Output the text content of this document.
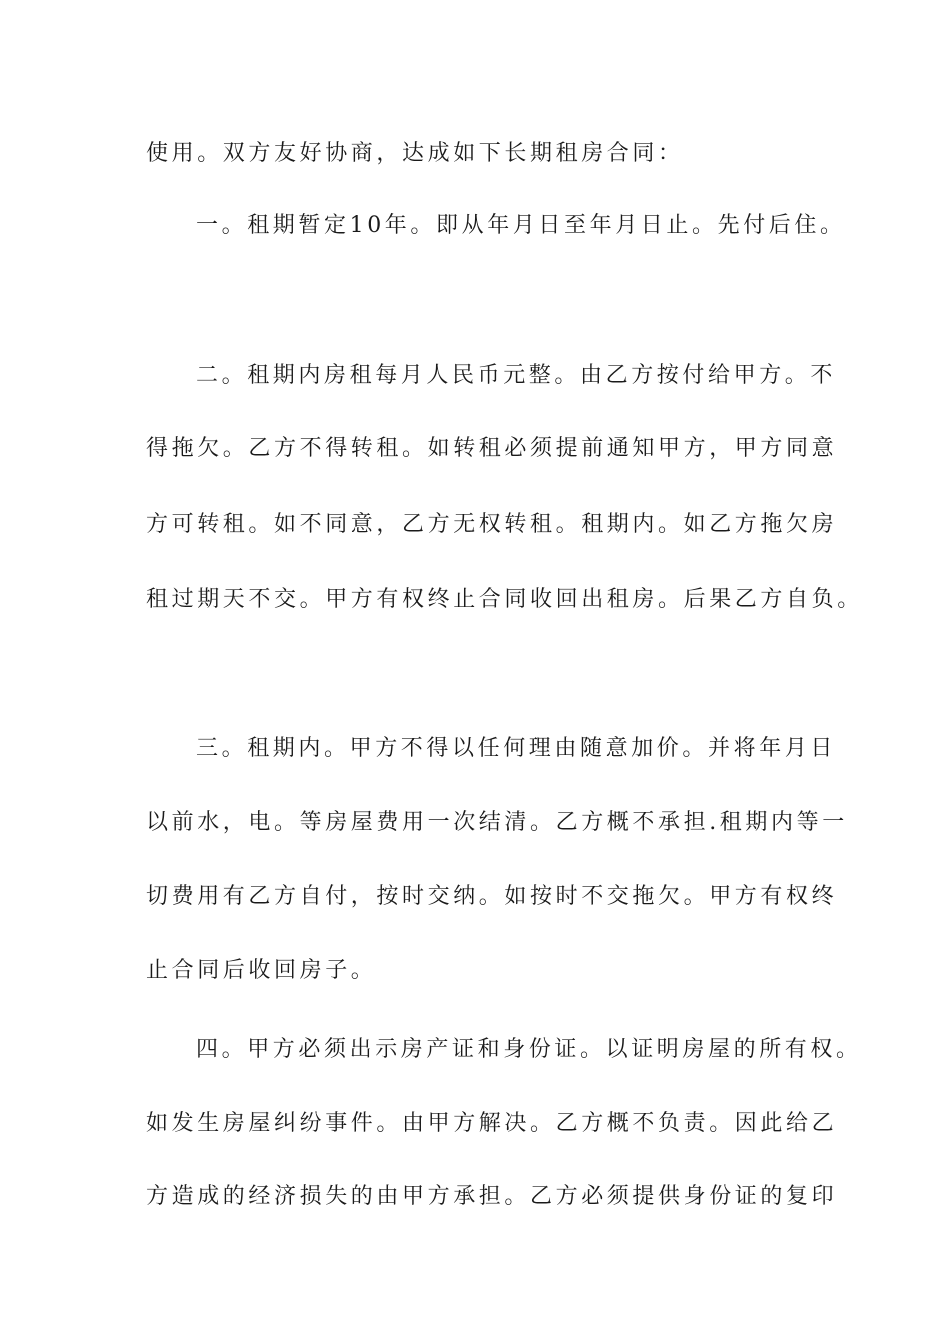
使用。双方友好协商，达成如下长期租房合同：
一。租期暂定10年。即从年月日至年月日止。先付后住。
二。租期内房租每月人民币元整。由乙方按付给甲方。不
得拖欠。乙方不得转租。如转租必须提前通知甲方，甲方同意
方可转租。如不同意，乙方无权转租。租期内。如乙方拖欠房
租过期天不交。甲方有权终止合同收回出租房。后果乙方自负。
三。租期内。甲方不得以任何理由随意加价。并将年月日
以前水，电。等房屋费用一次结清。乙方概不承担.租期内等一
切费用有乙方自付，按时交纳。如按时不交拖欠。甲方有权终
止合同后收回房子。
四。甲方必须出示房产证和身份证。以证明房屋的所有权。
如发生房屋纠纷事件。由甲方解决。乙方概不负责。因此给乙
方造成的经济损失的由甲方承担。乙方必须提供身份证的复印
